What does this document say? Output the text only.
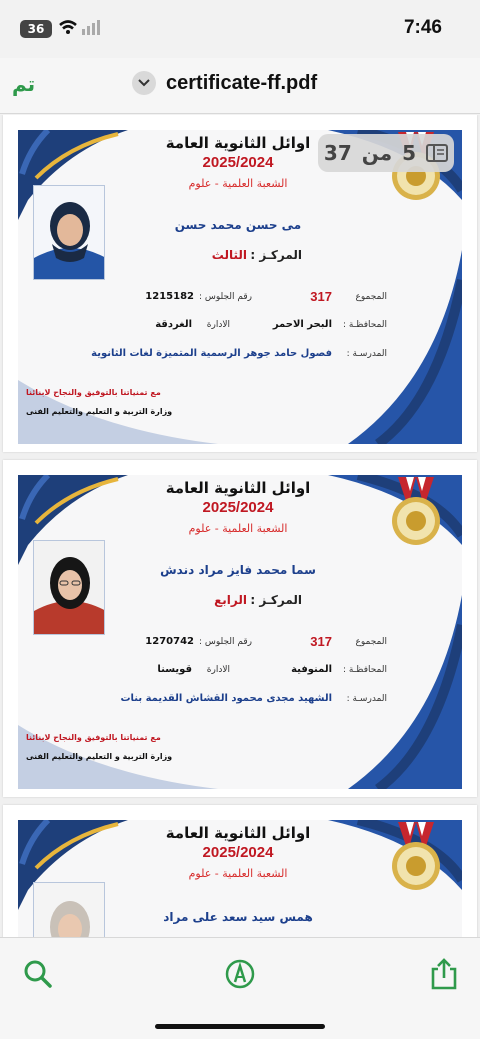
36	7:46
تم	certificate-ff.pdf
اوائل الثانوية العامة
2025/2024
الشعبة العلمية - علوم
مى حسن محمد حسن
المركـز :
الثالث
المجموع
317
رقم الجلوس :
1215182
المحافظـة :
البحر الاحمر
الادارة
الغردقة
المدرسـة :
فصول حامد جوهر الرسمية المتميزة لغات الثانوية
مع تمنياتنا بالتوفيق والنجاح لابنائنا
وزارة التربية و التعليم والتعليم الفنى
اوائل الثانوية العامة
2025/2024
الشعبة العلمية - علوم
سما محمد فايز مراد دندش
المركـز :
الرابع
المجموع
317
رقم الجلوس :
1270742
المحافظـة :
المنوفية
الادارة
قويسنا
المدرسـة :
الشهيد مجدى محمود القشاش القديمة بنات
مع تمنياتنا بالتوفيق والنجاح لابنائنا
وزارة التربية و التعليم والتعليم الفنى
اوائل الثانوية العامة
2025/2024
الشعبة العلمية - علوم
همس سيد سعد على مراد
37 من 5
